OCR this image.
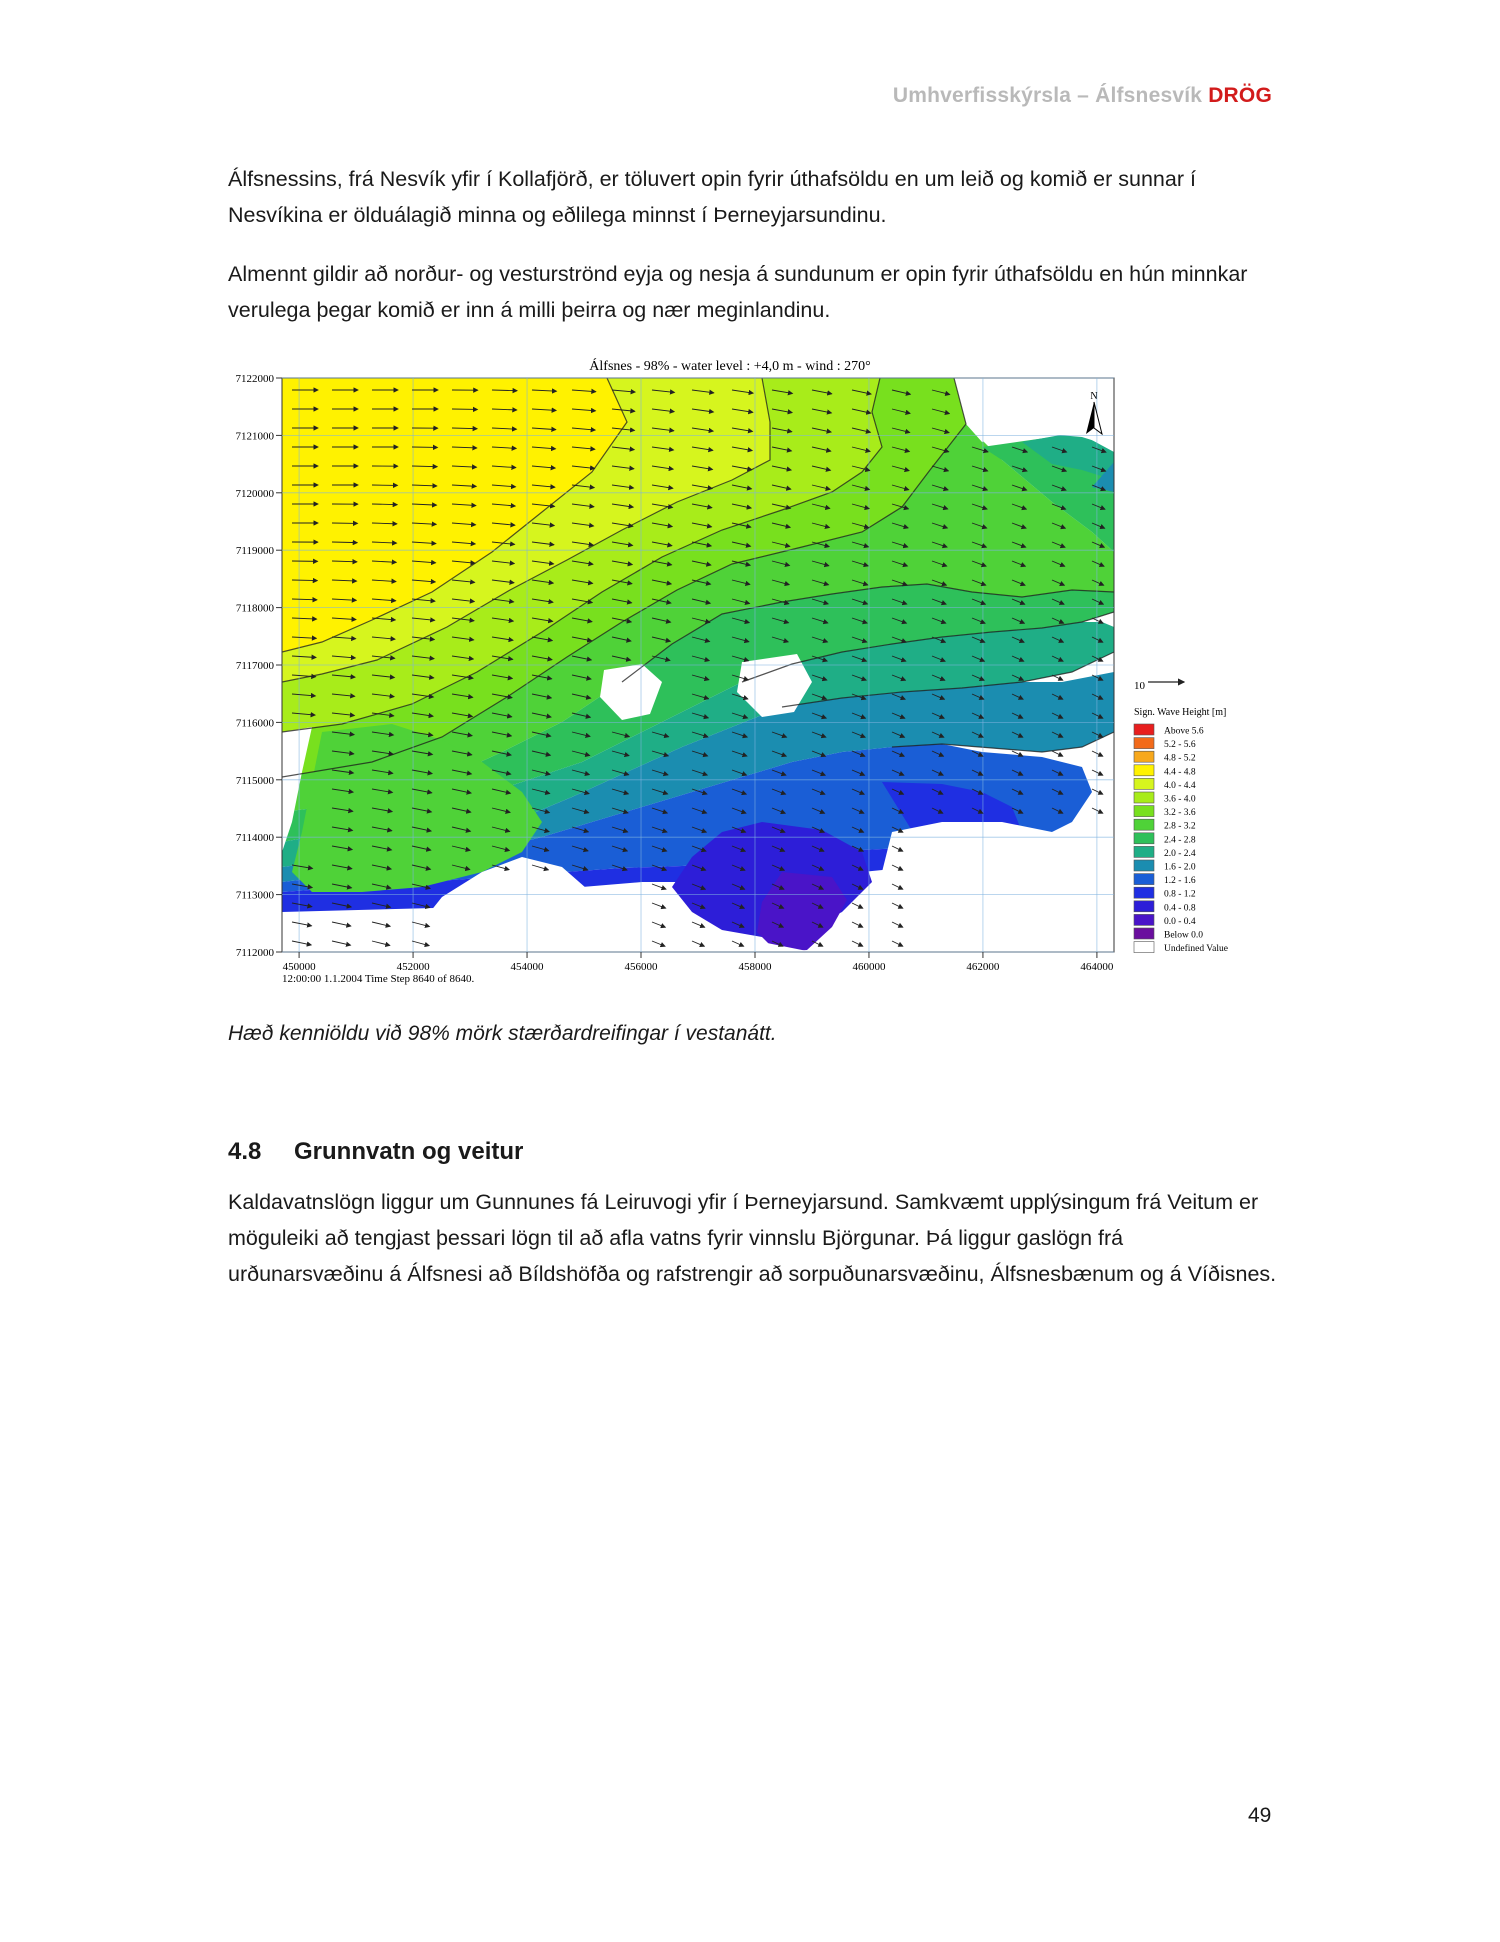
Umhverfisskýrsla – Álfsnesvík DRÖG

Álfsnessins, frá Nesvík yfir í Kollafjörð, er töluvert opin fyrir úthafsöldu en um leið og komið er sunnar í Nesvíkina er ölduálagið minna og eðlilega minnst í Þerneyjarsundinu.

Almennt gildir að norður- og vesturströnd eyja og nesja á sundunum er opin fyrir úthafsöldu en hún minnkar verulega þegar komið er inn á milli þeirra og nær meginlandinu.

Álfsnes - 98% - water level : +4,0 m - wind : 270°
450000	452000	454000	456000	458000	460000	462000	464000
7122000
7121000
7120000
7119000
7118000
7117000
7116000
7115000
7114000
7113000
7112000
N
12:00:00 1.1.2004 Time Step 8640 of 8640.
10
Sign. Wave Height [m]
Above 5.6
5.2 - 5.6
4.8 - 5.2
4.4 - 4.8
4.0 - 4.4
3.6 - 4.0
3.2 - 3.6
2.8 - 3.2
2.4 - 2.8
2.0 - 2.4
1.6 - 2.0
1.2 - 1.6
0.8 - 1.2
0.4 - 0.8
0.0 - 0.4
Below 0.0
Undefined Value

Hæð kenniöldu við 98% mörk stærðardreifingar í vestanátt.

4.8 Grunnvatn og veitur

Kaldavatnslögn liggur um Gunnunes fá Leiruvogi yfir í Þerneyjarsund. Samkvæmt upplýsingum frá Veitum er möguleiki að tengjast þessari lögn til að afla vatns fyrir vinnslu Björgunar. Þá liggur gaslögn frá urðunarsvæðinu á Álfsnesi að Bíldshöfða og rafstrengir að sorpuðunarsvæðinu, Álfsnesbænum og á Víðisnes.

49
